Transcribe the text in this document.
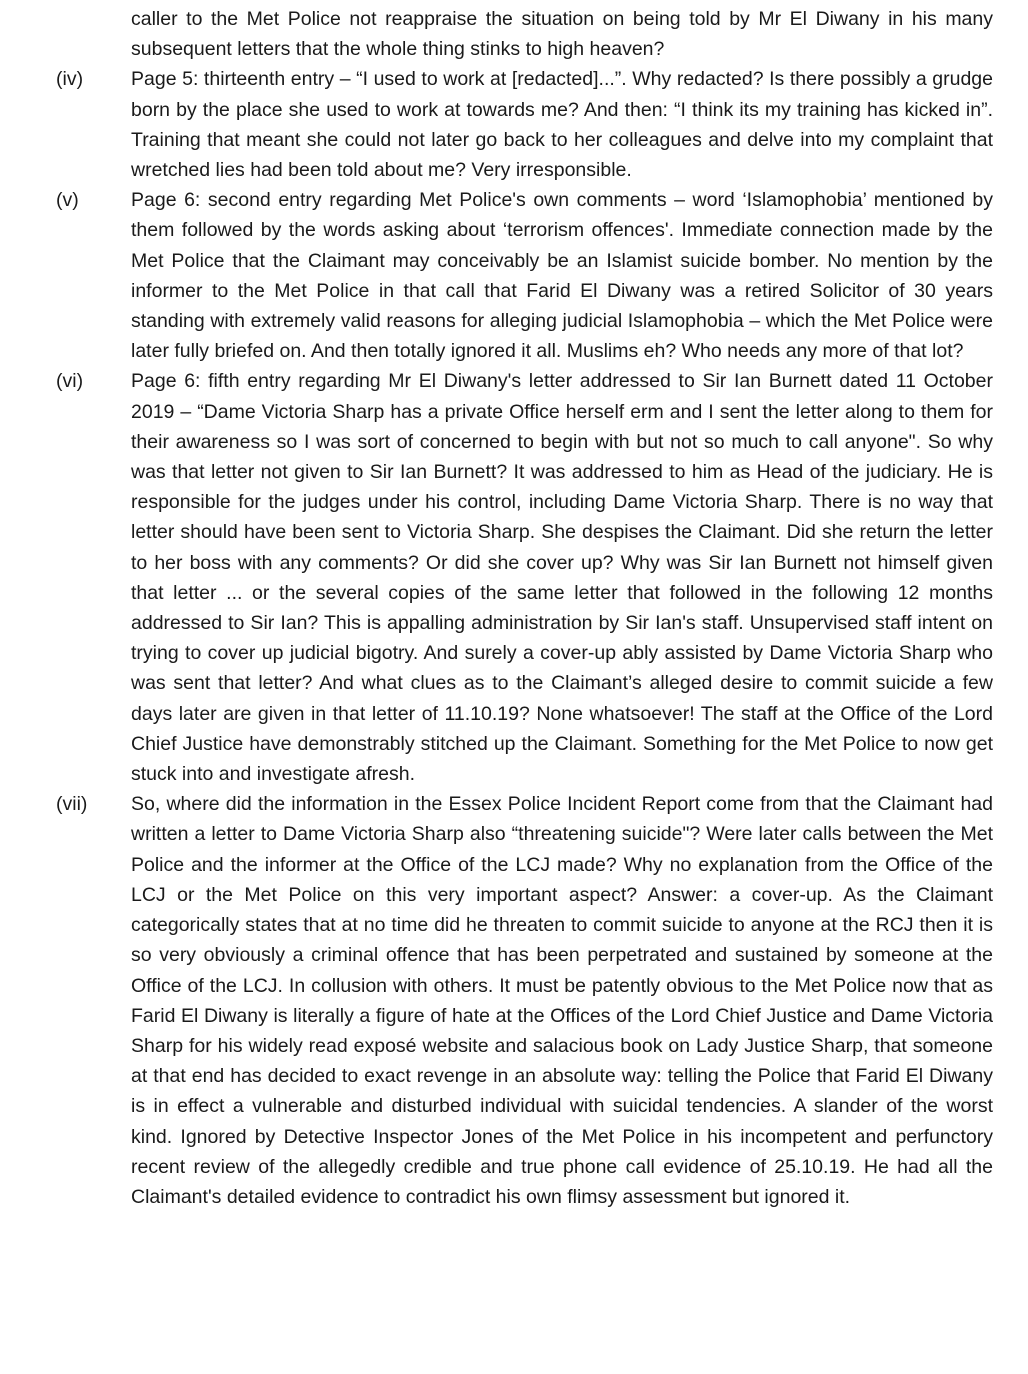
caller to the Met Police not reappraise the situation on being told by Mr El Diwany in his many subsequent letters that the whole thing stinks to high heaven?
(iv) Page 5: thirteenth entry – “I used to work at [redacted]...”. Why redacted? Is there possibly a grudge born by the place she used to work at towards me? And then: “I think its my training has kicked in”. Training that meant she could not later go back to her colleagues and delve into my complaint that wretched lies had been told about me? Very irresponsible.
(v)	Page 6: second entry regarding Met Police's own comments – word ‘Islamophobia’ mentioned by them followed by the words asking about ‘terrorism offences'. Immediate connection made by the Met Police that the Claimant may conceivably be an Islamist suicide bomber. No mention by the informer to the Met Police in that call that Farid El Diwany was a retired Solicitor of 30 years standing with extremely valid reasons for alleging judicial Islamophobia – which the Met Police were later fully briefed on. And then totally ignored it all. Muslims eh? Who needs any more of that lot?
(vi) Page 6: fifth entry regarding Mr El Diwany's letter addressed to Sir Ian Burnett dated 11 October 2019 – “Dame Victoria Sharp has a private Office herself erm and I sent the letter along to them for their awareness so I was sort of concerned to begin with but not so much to call anyone". So why was that letter not given to Sir Ian Burnett? It was addressed to him as Head of the judiciary. He is responsible for the judges under his control, including Dame Victoria Sharp. There is no way that letter should have been sent to Victoria Sharp. She despises the Claimant. Did she return the letter to her boss with any comments? Or did she cover up? Why was Sir Ian Burnett not himself given that letter ... or the several copies of the same letter that followed in the following 12 months addressed to Sir Ian? This is appalling administration by Sir Ian's staff. Unsupervised staff intent on trying to cover up judicial bigotry. And surely a cover-up ably assisted by Dame Victoria Sharp who was sent that letter? And what clues as to the Claimant’s alleged desire to commit suicide a few days later are given in that letter of 11.10.19? None whatsoever! The staff at the Office of the Lord Chief Justice have demonstrably stitched up the Claimant. Something for the Met Police to now get stuck into and investigate afresh.
(vii) So, where did the information in the Essex Police Incident Report come from that the Claimant had written a letter to Dame Victoria Sharp also “threatening suicide"? Were later calls between the Met Police and the informer at the Office of the LCJ made? Why no explanation from the Office of the LCJ or the Met Police on this very important aspect? Answer: a cover-up. As the Claimant categorically states that at no time did he threaten to commit suicide to anyone at the RCJ then it is so very obviously a criminal offence that has been perpetrated and sustained by someone at the Office of the LCJ. In collusion with others. It must be patently obvious to the Met Police now that as Farid El Diwany is literally a figure of hate at the Offices of the Lord Chief Justice and Dame Victoria Sharp for his widely read exposé website and salacious book on Lady Justice Sharp, that someone at that end has decided to exact revenge in an absolute way: telling the Police that Farid El Diwany is in effect a vulnerable and disturbed individual with suicidal tendencies. A slander of the worst kind. Ignored by Detective Inspector Jones of the Met Police in his incompetent and perfunctory recent review of the allegedly credible and true phone call evidence of 25.10.19. He had all the Claimant's detailed evidence to contradict his own flimsy assessment but ignored it.
